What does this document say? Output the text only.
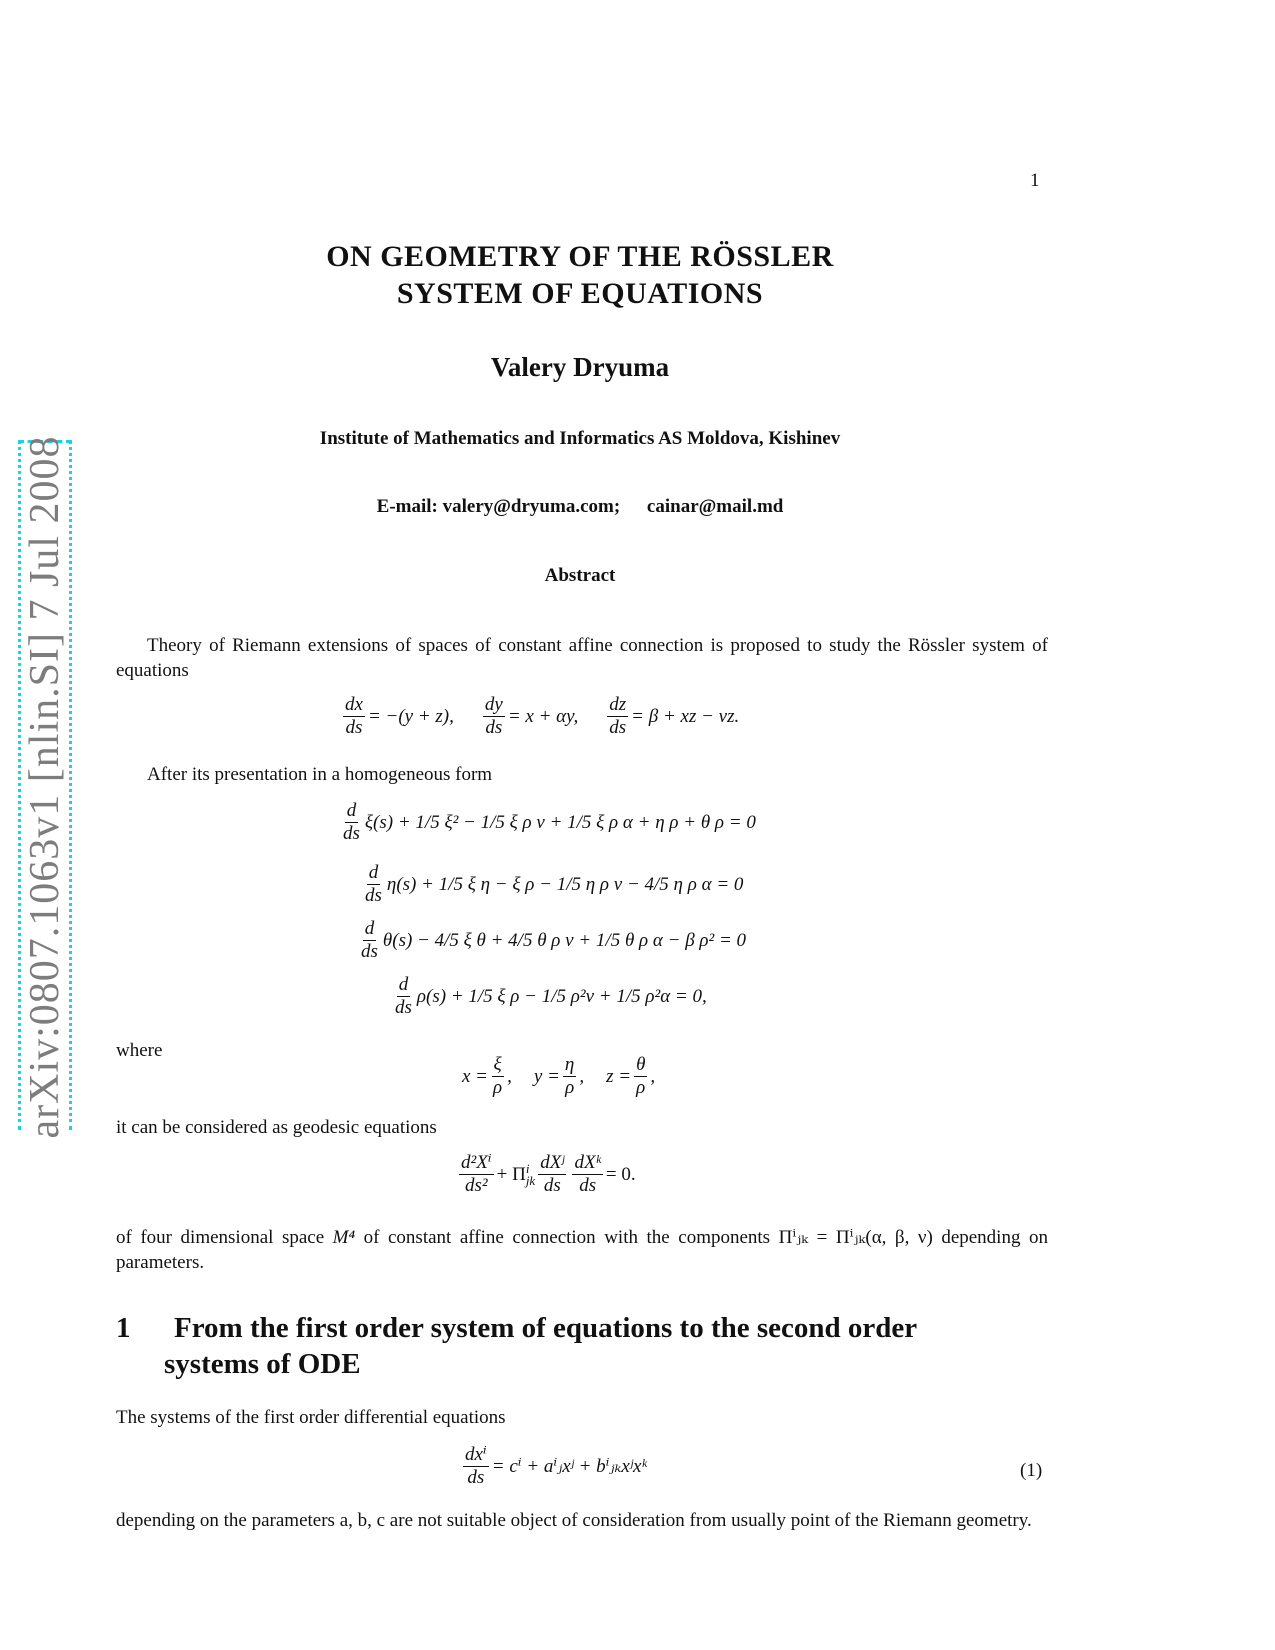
1
arXiv:0807.1063v1 [nlin.SI] 7 Jul 2008
ON GEOMETRY OF THE RÖSSLER
SYSTEM OF EQUATIONS
Valery Dryuma
Institute of Mathematics and Informatics AS Moldova, Kishinev
E-mail: valery@dryuma.com; cainar@mail.md
Abstract
Theory of Riemann extensions of spaces of constant affine connection is proposed to study the Rössler system of equations
$\frac{dx}{ds} = -(y + z)$, $\frac{dy}{ds} = x + \alpha y$, $\frac{dz}{ds} = \beta$ + xz − νz.
After its presentation in a homogeneous form
$\frac{d}{ds} \xi(s) + 1/5$ ξ² − 1/5 ξ ρ ν + 1/5 ξ ρ α + η ρ + θ ρ = 0
$\frac{d}{ds} \eta(s) + 1/5$ ξ η − ξ ρ − 1/5 η ρ ν − 4/5 η ρ α = 0
$\frac{d}{ds} \theta(s) - 4/5$ ξ θ + 4/5 θ ρ ν + 1/5 θ ρ α − β ρ² = 0
$\frac{d}{ds} \rho(s) + 1/5$ ξ ρ − 1/5 ρ²ν + 1/5 ρ²α = 0,
where
$x = \frac{\xi}{\rho}$ , $y = \frac{\eta}{\rho}$ , $z = \frac{\theta}{\rho}$ ,
it can be considered as geodesic equations
$\frac{\text{d²Xⁱ}}{\text{ds²}} + \Pi$ i
jk $\frac{\text{dXʲ}}{ds} \frac{\text{dXᵏ}}{ds} = 0$.
of four dimensional space M⁴ of constant affine connection with the components Πⁱⱼₖ = Πⁱⱼₖ(α, β, ν) depending on parameters.
1 From the first order system of equations to the second order
systems of ODE
The systems of the first order differential equations
$\frac{\text{dxⁱ}}{ds} = c^i$ + aⁱⱼxʲ + bⁱⱼₖxʲxᵏ	(1)
depending on the parameters a, b, c are not suitable object of consideration from usually point of the Riemann geometry.
